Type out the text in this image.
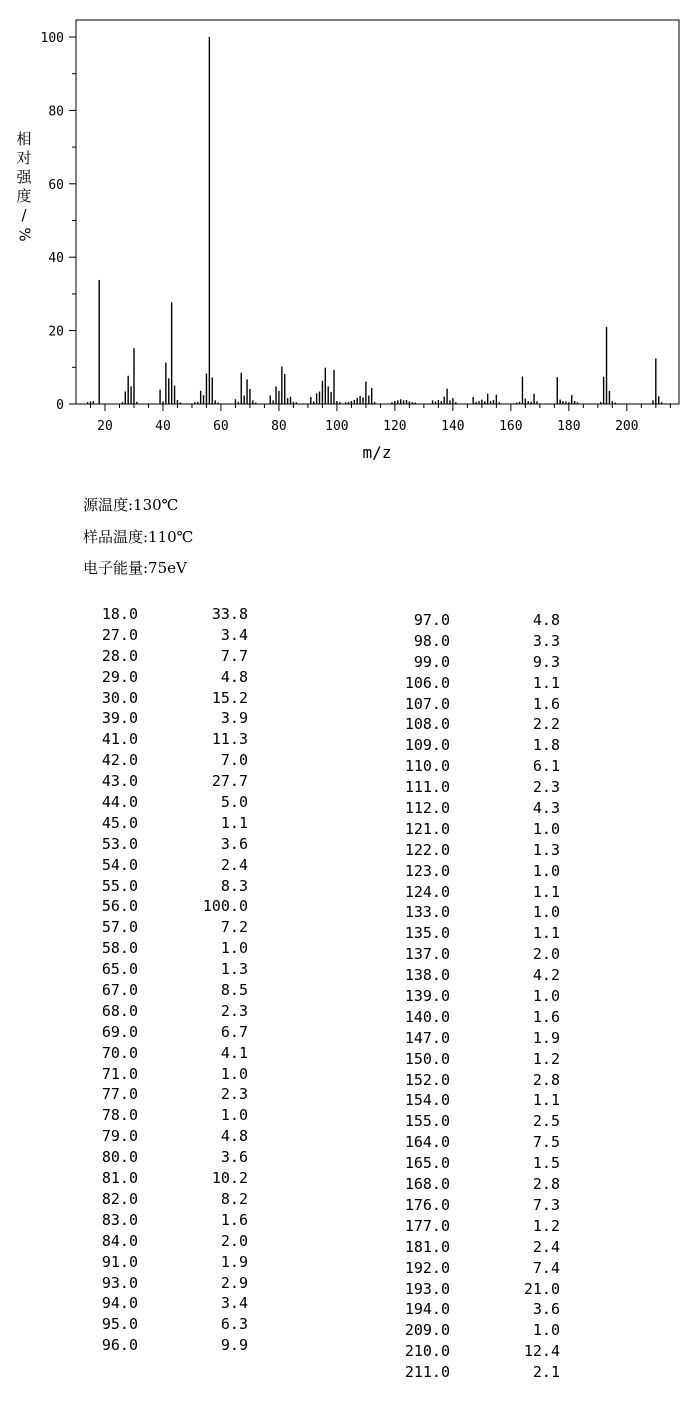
0
20
40
60
80
100
20	40	60	80	100	120	140	160	180	200
m/z
相
对
强
度
/
%
源温度:130℃
样品温度:110℃
电子能量:75eV
18.0	33.8
27.0	3.4
28.0	7.7
29.0	4.8
30.0	15.2
39.0	3.9
41.0	11.3
42.0	7.0
43.0	27.7
44.0	5.0
45.0	1.1
53.0	3.6
54.0	2.4
55.0	8.3
56.0	100.0
57.0	7.2
58.0	1.0
65.0	1.3
67.0	8.5
68.0	2.3
69.0	6.7
70.0	4.1
71.0	1.0
77.0	2.3
78.0	1.0
79.0	4.8
80.0	3.6
81.0	10.2
82.0	8.2
83.0	1.6
84.0	2.0
91.0	1.9
93.0	2.9
94.0	3.4
95.0	6.3
96.0	9.9
97.0	4.8
98.0	3.3
99.0	9.3
106.0	1.1
107.0	1.6
108.0	2.2
109.0	1.8
110.0	6.1
111.0	2.3
112.0	4.3
121.0	1.0
122.0	1.3
123.0	1.0
124.0	1.1
133.0	1.0
135.0	1.1
137.0	2.0
138.0	4.2
139.0	1.0
140.0	1.6
147.0	1.9
150.0	1.2
152.0	2.8
154.0	1.1
155.0	2.5
164.0	7.5
165.0	1.5
168.0	2.8
176.0	7.3
177.0	1.2
181.0	2.4
192.0	7.4
193.0	21.0
194.0	3.6
209.0	1.0
210.0	12.4
211.0	2.1
